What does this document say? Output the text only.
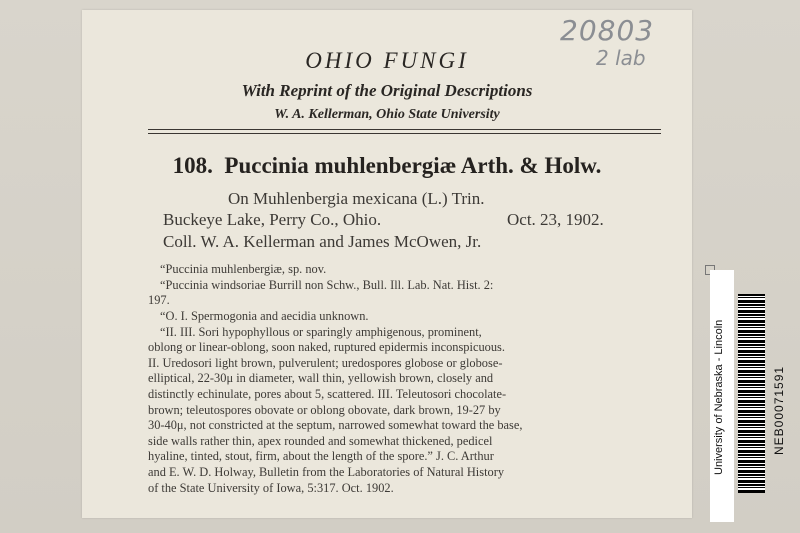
20803
2 lab
OHIO FUNGI
With Reprint of the Original Descriptions
W. A. Kellerman, Ohio State University
108. Puccinia muhlenbergiæ Arth. & Holw.
On Muhlenbergia mexicana (L.) Trin.
Buckeye Lake, Perry Co., Ohio.	Oct. 23, 1902.
Coll. W. A. Kellerman and James McOwen, Jr.
“Puccinia muhlenbergiæ, sp. nov.
“Puccinia windsoriae Burrill non Schw., Bull. Ill. Lab. Nat. Hist. 2:
197.
“O. I. Spermogonia and aecidia unknown.
“II. III. Sori hypophyllous or sparingly amphigenous, prominent,
oblong or linear-oblong, soon naked, ruptured epidermis inconspicuous.
II. Uredosori light brown, pulverulent; uredospores globose or globose-
elliptical, 22-30μ in diameter, wall thin, yellowish brown, closely and
distinctly echinulate, pores about 5, scattered. III. Teleutosori chocolate-
brown; teleutospores obovate or oblong obovate, dark brown, 19-27 by
30-40μ, not constricted at the septum, narrowed somewhat toward the base,
side walls rather thin, apex rounded and somewhat thickened, pedicel
hyaline, tinted, stout, firm, about the length of the spore.” J. C. Arthur
and E. W. D. Holway, Bulletin from the Laboratories of Natural History
of the State University of Iowa, 5:317. Oct. 1902.
University of Nebraska - Lincoln	NEB00071591
